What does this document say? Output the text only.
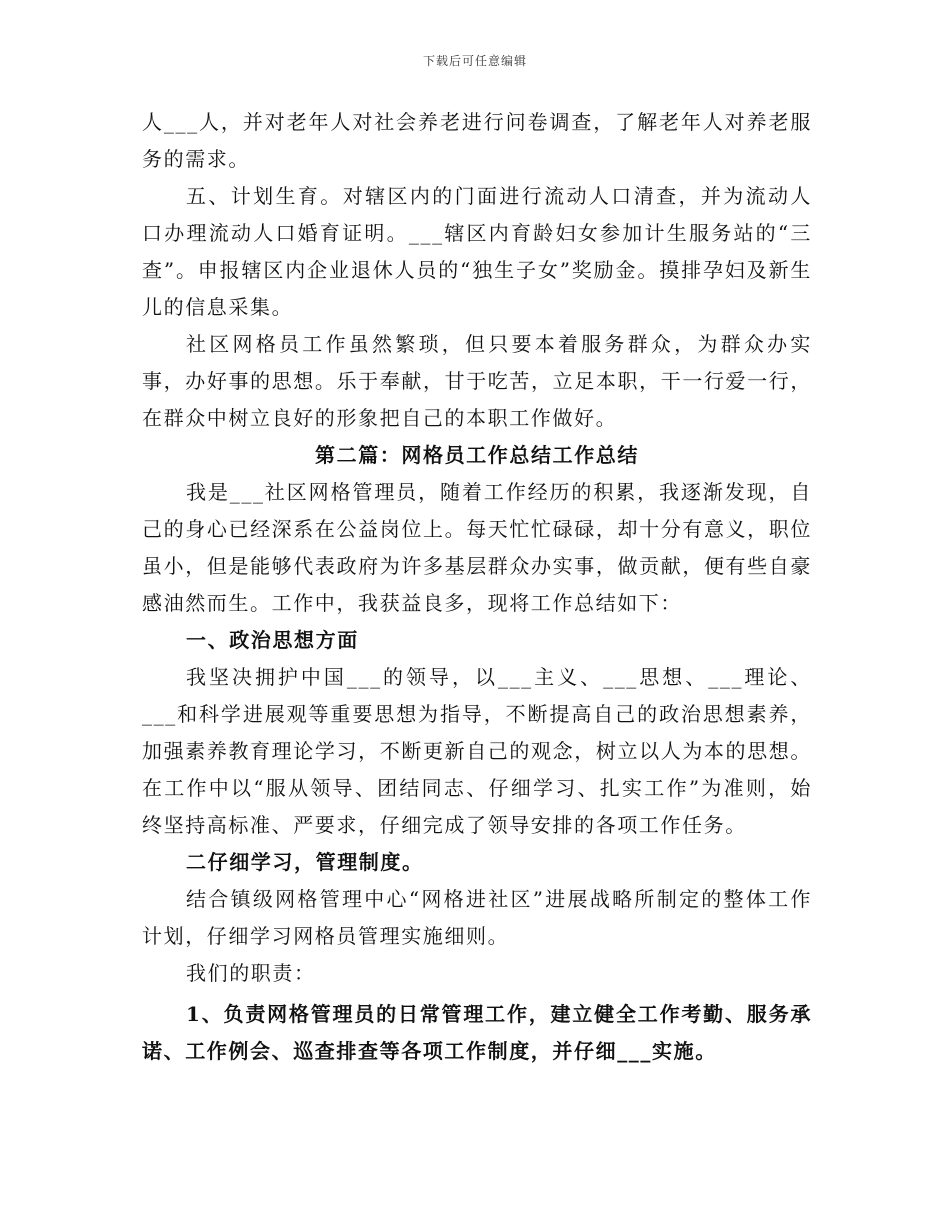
下载后可任意编辑

人___人，并对老年人对社会养老进行问卷调查，了解老年人对养老服务的需求。

五、计划生育。对辖区内的门面进行流动人口清查，并为流动人口办理流动人口婚育证明。___辖区内育龄妇女参加计生服务站的“三查”。申报辖区内企业退休人员的“独生子女”奖励金。摸排孕妇及新生儿的信息采集。

社区网格员工作虽然繁琐，但只要本着服务群众，为群众办实事，办好事的思想。乐于奉献，甘于吃苦，立足本职，干一行爱一行，在群众中树立良好的形象把自己的本职工作做好。

第二篇：网格员工作总结工作总结

我是___社区网格管理员，随着工作经历的积累，我逐渐发现，自己的身心已经深系在公益岗位上。每天忙忙碌碌，却十分有意义，职位虽小，但是能够代表政府为许多基层群众办实事，做贡献，便有些自豪感油然而生。工作中，我获益良多，现将工作总结如下：

一、政治思想方面

我坚决拥护中国___的领导，以___主义、___思想、___理论、___和科学进展观等重要思想为指导，不断提高自己的政治思想素养，加强素养教育理论学习，不断更新自己的观念，树立以人为本的思想。在工作中以“服从领导、团结同志、仔细学习、扎实工作”为准则，始终坚持高标准、严要求，仔细完成了领导安排的各项工作任务。

二仔细学习，管理制度。

结合镇级网格管理中心“网格进社区”进展战略所制定的整体工作计划，仔细学习网格员管理实施细则。

我们的职责：

1、负责网格管理员的日常管理工作，建立健全工作考勤、服务承诺、工作例会、巡查排查等各项工作制度，并仔细___实施。
